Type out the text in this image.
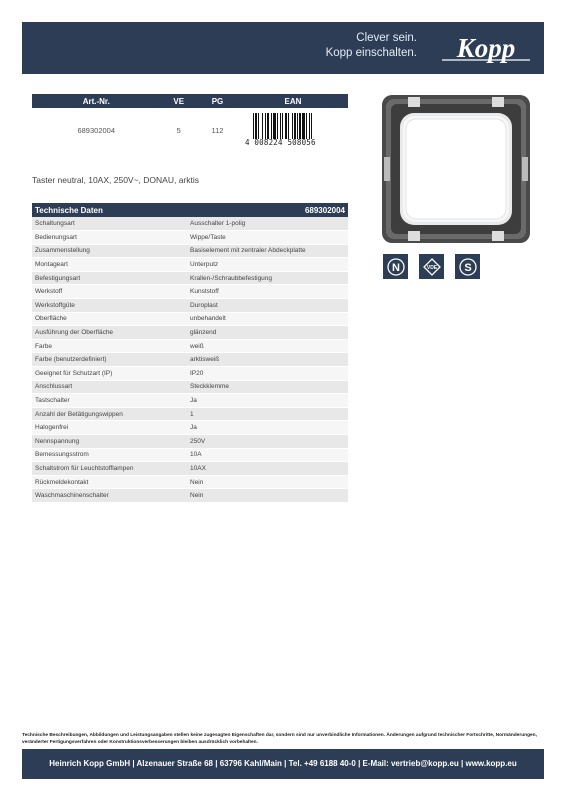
Clever sein.
Kopp einschalten. Kopp
Art.-Nr.	VE	PG	EAN
689302004	5	112	4 008224 508056
Taster neutral, 10AX, 250V~, DONAU, arktis
Technische Daten	689302004
Schaltungsart	Ausschalter 1-polig
Bedienungsart	Wippe/Taste
Zusammenstellung	Basiselement mit zentraler Abdeckplatte
Montageart	Unterputz
Befestigungsart	Krallen-/Schraubbefestigung
Werkstoff	Kunststoff
Werkstoffgüte	Duroplast
Oberfläche	unbehandelt
Ausführung der Oberfläche	glänzend
Farbe	weiß
Farbe (benutzerdefiniert)	arktisweiß
Geeignet für Schutzart (IP)	IP20
Anschlussart	Steckklemme
Tastschalter	Ja
Anzahl der Betätigungswippen	1
Halogenfrei	Ja
Nennspannung	250V
Bemessungsstrom	10A
Schaltstrom für Leuchtstofflampen	10AX
Rückmeldekontakt	Nein
Waschmaschinenschalter	Nein
N	VDE S
Technische Beschreibungen, Abbildungen und Leistungsangaben stellen keine zugesagten Eigenschaften dar, sondern sind nur unverbindliche Informationen. Änderungen aufgrund technischer Fortschritte, Normänderungen, veränderter Fertigungsverfahren oder Konstruktionsverbesserungen bleiben ausdrücklich vorbehalten.
Heinrich Kopp GmbH | Alzenauer Straße 68 | 63796 Kahl/Main | Tel. +49 6188 40-0 | E-Mail: vertrieb@kopp.eu | www.kopp.eu
